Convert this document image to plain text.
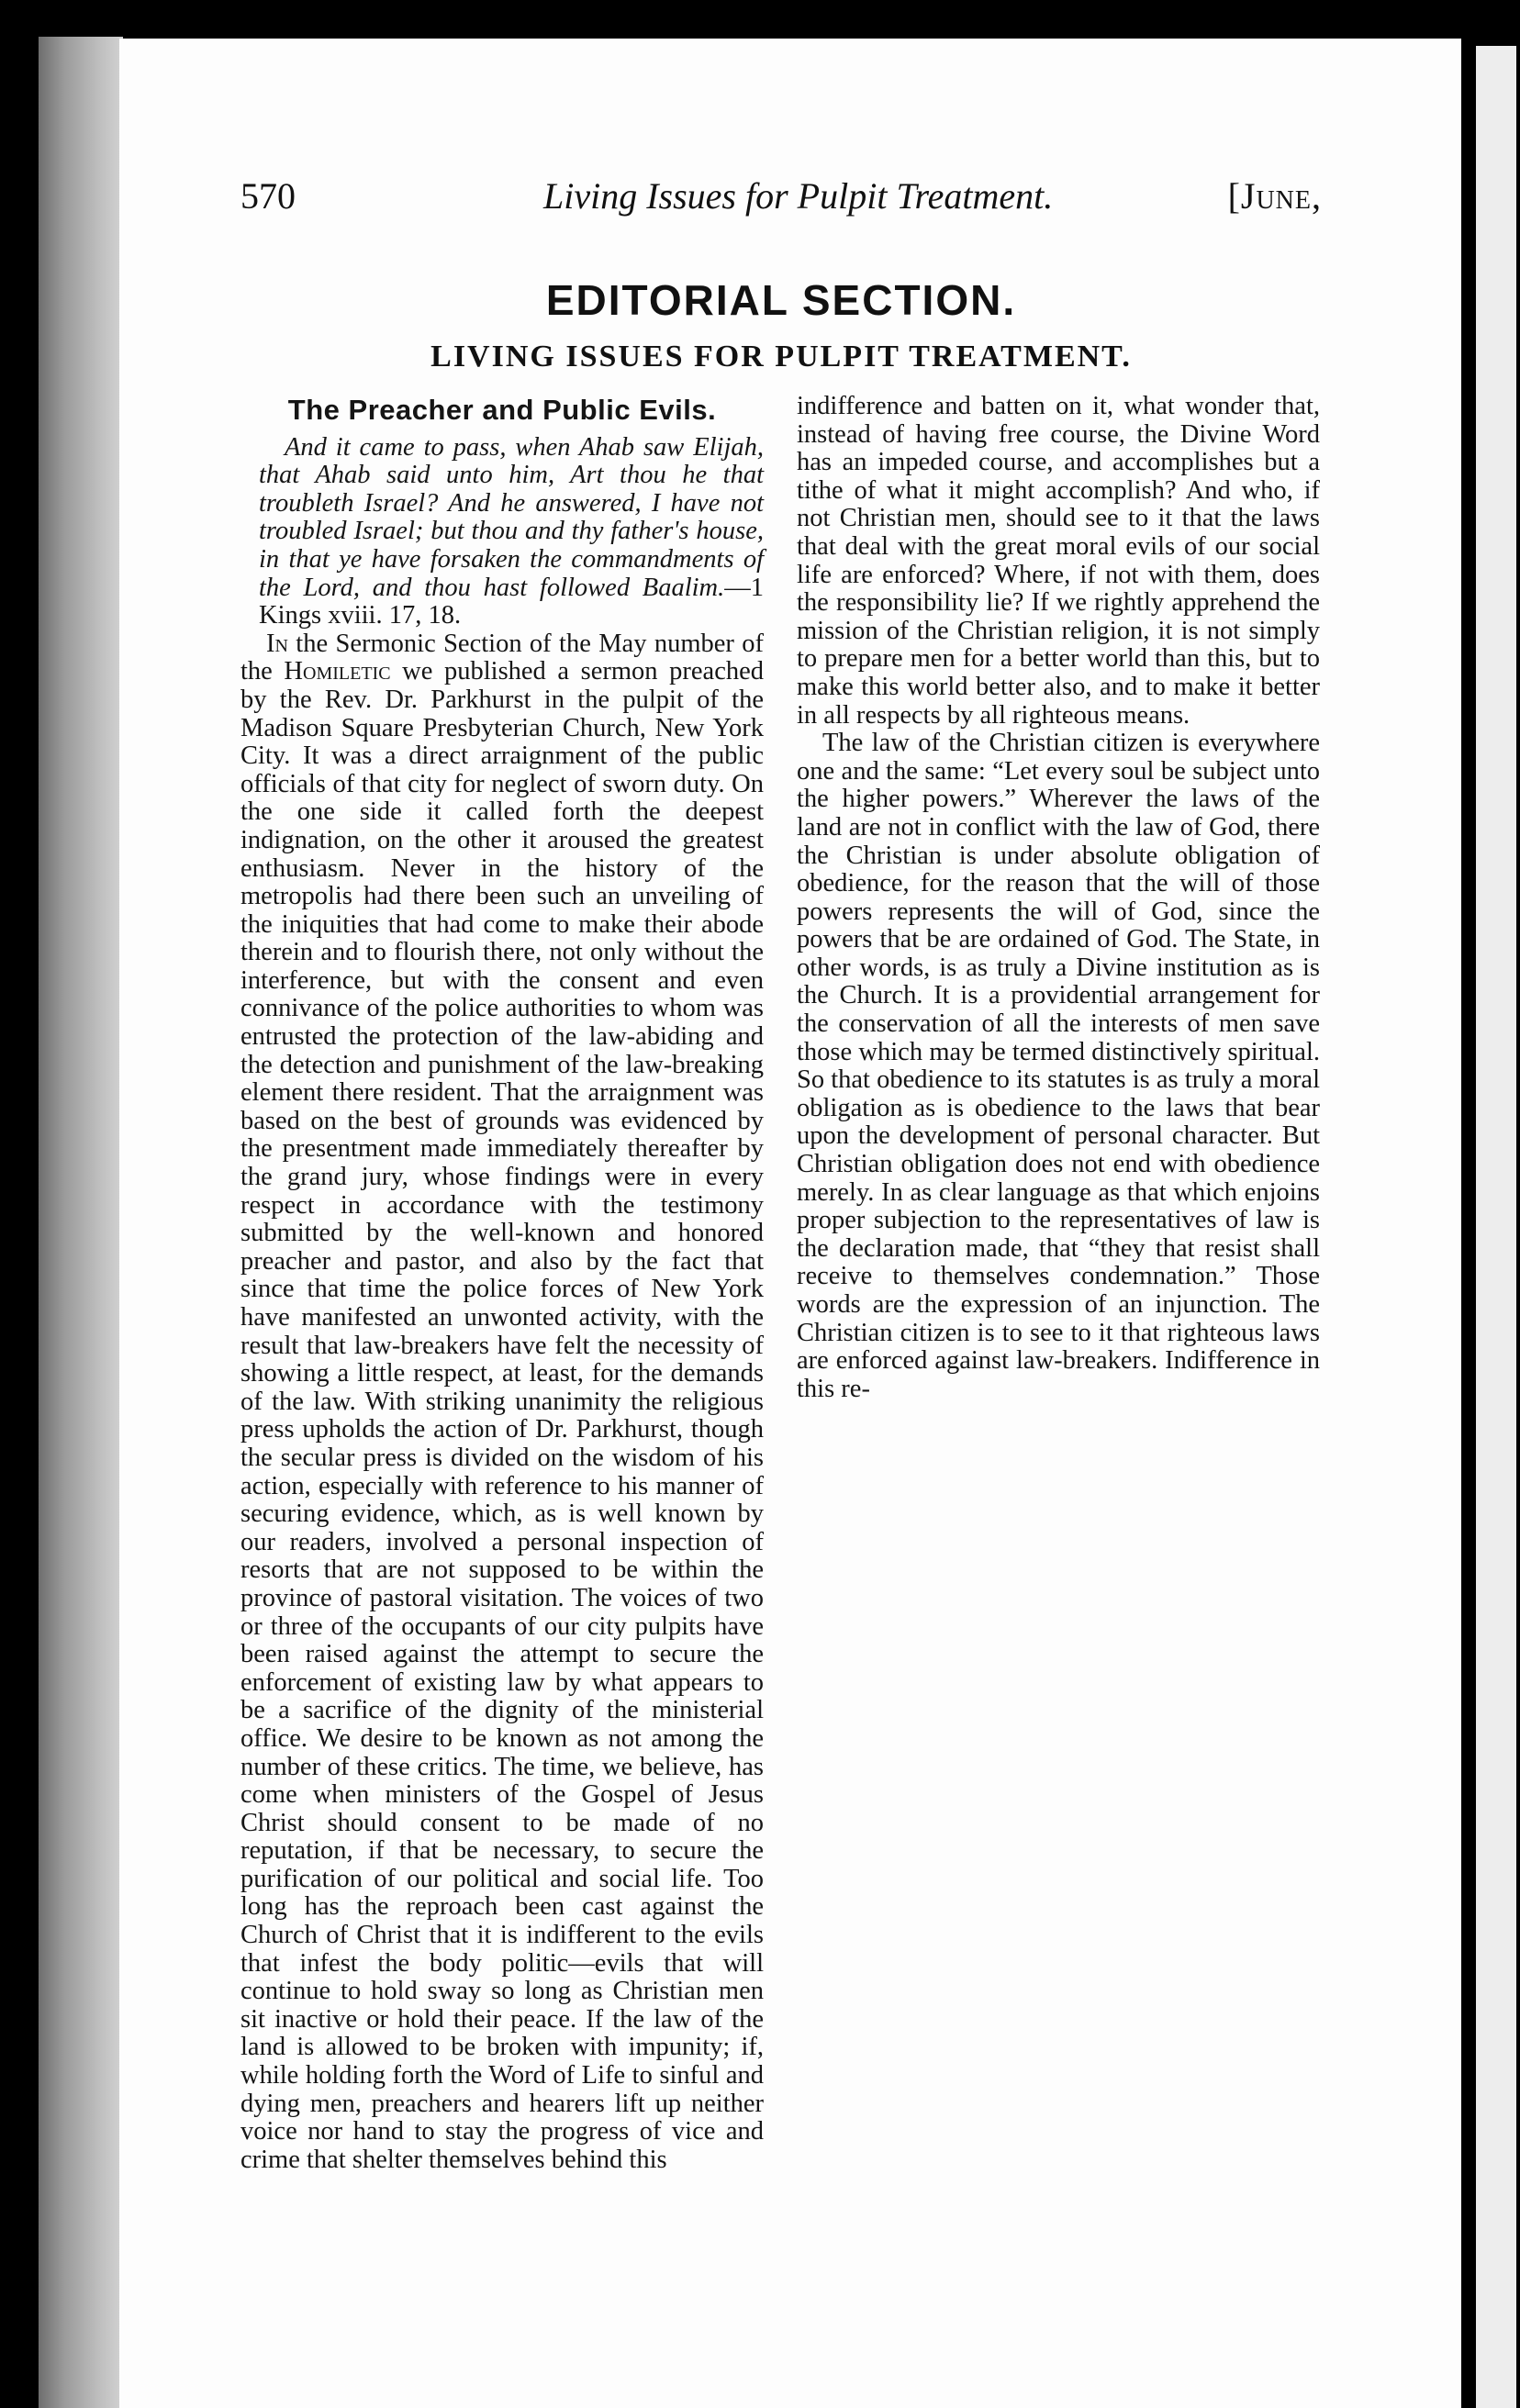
570	Living Issues for Pulpit Treatment.	[June,
EDITORIAL SECTION.
LIVING ISSUES FOR PULPIT TREATMENT.
The Preacher and Public Evils.

And it came to pass, when Ahab saw Elijah, that Ahab said unto him, Art thou he that troubleth Israel? And he answered, I have not troubled Israel; but thou and thy father's house, in that ye have forsaken the commandments of the Lord, and thou hast followed Baalim.—1 Kings xviii. 17, 18.

In the Sermonic Section of the May number of the Homiletic we published a sermon preached by the Rev. Dr. Parkhurst in the pulpit of the Madison Square Presbyterian Church, New York City. It was a direct arraignment of the public officials of that city for neglect of sworn duty. On the one side it called forth the deepest indignation, on the other it aroused the greatest enthusiasm. Never in the history of the metropolis had there been such an unveiling of the iniquities that had come to make their abode therein and to flourish there, not only without the interference, but with the consent and even connivance of the police authorities to whom was entrusted the protection of the law-abiding and the detection and punishment of the law-breaking element there resident. That the arraignment was based on the best of grounds was evidenced by the presentment made immediately thereafter by the grand jury, whose findings were in every respect in accordance with the testimony submitted by the well-known and honored preacher and pastor, and also by the fact that since that time the police forces of New York have manifested an unwonted activity, with the result that law-breakers have felt the necessity of showing a little respect, at least, for the demands of the law. With striking unanimity the religious press upholds the action of Dr. Parkhurst, though the secular press is divided on the wisdom of his action, especially with reference to his manner of securing evidence, which, as is well known by our readers, involved a personal inspection of resorts that are not supposed to be within the province of pastoral visitation. The voices of two or three of the occupants of our city pulpits have been raised against the attempt to secure the enforcement of existing law by what appears to be a sacrifice of the dignity of the ministerial office. We desire to be known as not among the number of these critics. The time, we believe, has come when ministers of the Gospel of Jesus Christ should consent to be made of no reputation, if that be necessary, to secure the purification of our political and social life. Too long has the reproach been cast against the Church of Christ that it is indifferent to the evils that infest the body politic—evils that will continue to hold sway so long as Christian men sit inactive or hold their peace. If the law of the land is allowed to be broken with impunity; if, while holding forth the Word of Life to sinful and dying men, preachers and hearers lift up neither voice nor hand to stay the progress of vice and crime that shelter themselves behind this

indifference and batten on it, what wonder that, instead of having free course, the Divine Word has an impeded course, and accomplishes but a tithe of what it might accomplish? And who, if not Christian men, should see to it that the laws that deal with the great moral evils of our social life are enforced? Where, if not with them, does the responsibility lie? If we rightly apprehend the mission of the Christian religion, it is not simply to prepare men for a better world than this, but to make this world better also, and to make it better in all respects by all righteous means.

The law of the Christian citizen is everywhere one and the same: “Let every soul be subject unto the higher powers.” Wherever the laws of the land are not in conflict with the law of God, there the Christian is under absolute obligation of obedience, for the reason that the will of those powers represents the will of God, since the powers that be are ordained of God. The State, in other words, is as truly a Divine institution as is the Church. It is a providential arrangement for the conservation of all the interests of men save those which may be termed distinctively spiritual. So that obedience to its statutes is as truly a moral obligation as is obedience to the laws that bear upon the development of personal character. But Christian obligation does not end with obedience merely. In as clear language as that which enjoins proper subjection to the representatives of law is the declaration made, that “they that resist shall receive to themselves condemnation.” Those words are the expression of an injunction. The Christian citizen is to see to it that righteous laws are enforced against law-breakers. Indifference in this re-
